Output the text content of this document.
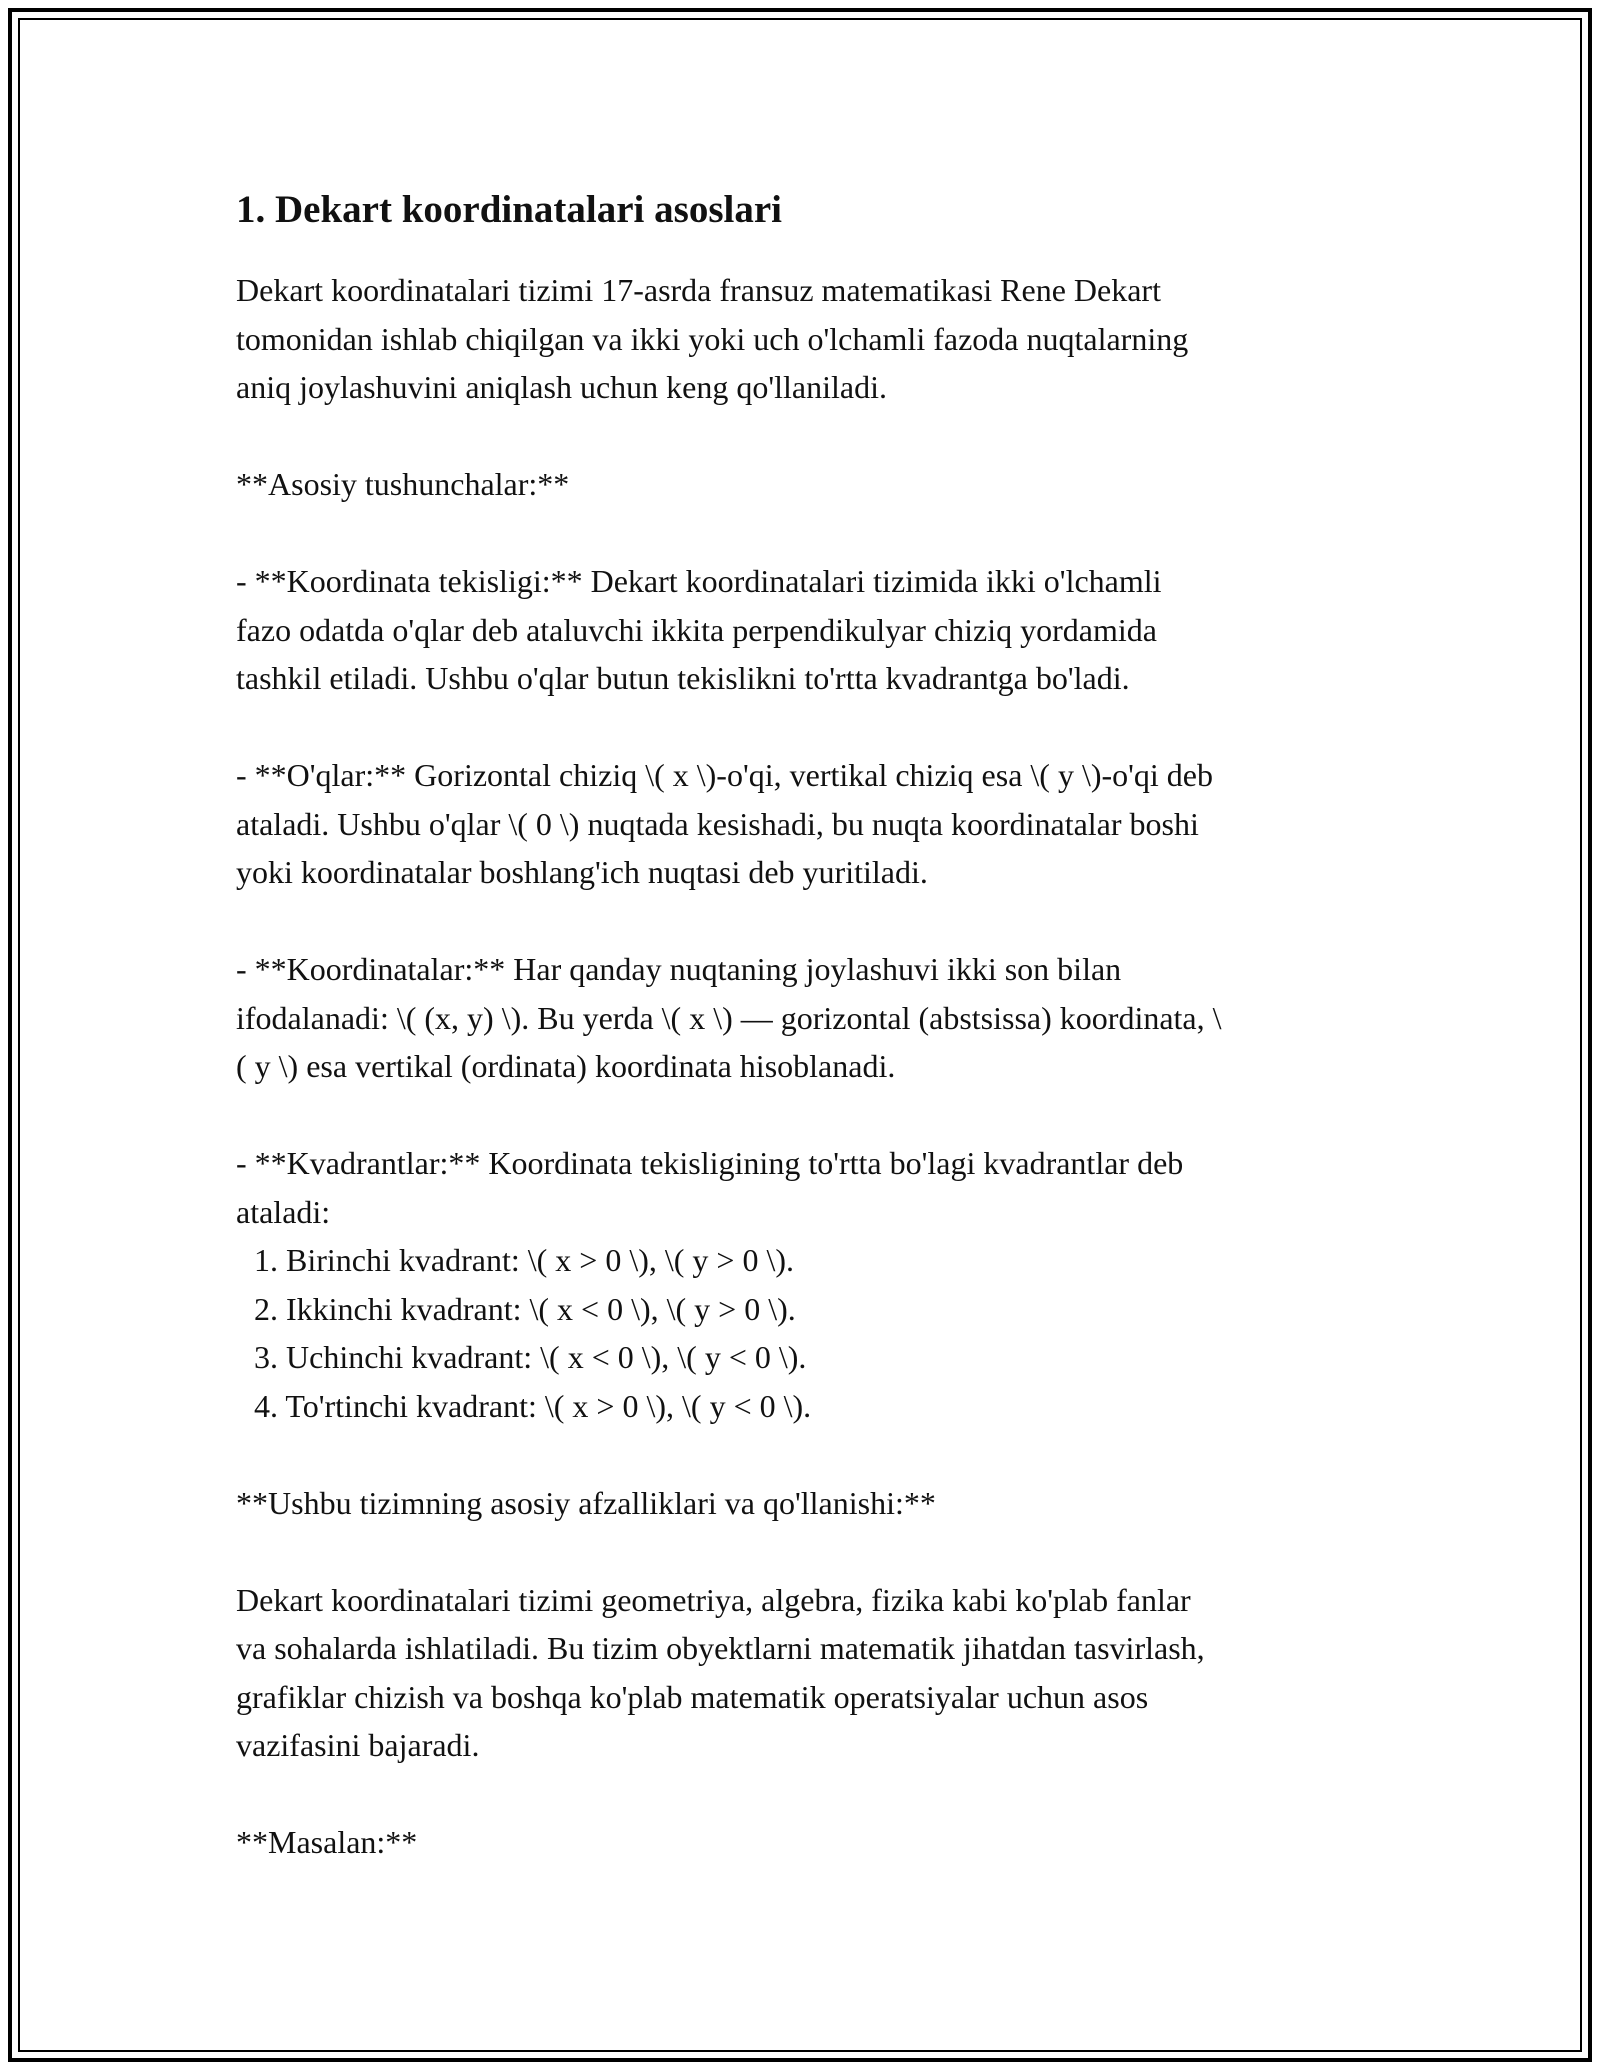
1. Dekart koordinatalari asoslari

Dekart koordinatalari tizimi 17-asrda fransuz matematikasi Rene Dekart

tomonidan ishlab chiqilgan va ikki yoki uch o'lchamli fazoda nuqtalarning

aniq joylashuvini aniqlash uchun keng qo'llaniladi.

**Asosiy tushunchalar:**

- **Koordinata tekisligi:** Dekart koordinatalari tizimida ikki o'lchamli

fazo odatda o'qlar deb ataluvchi ikkita perpendikulyar chiziq yordamida

tashkil etiladi. Ushbu o'qlar butun tekislikni to'rtta kvadrantga bo'ladi.

- **O'qlar:** Gorizontal chiziq \( x \)-o'qi, vertikal chiziq esa \( y \)-o'qi deb

ataladi. Ushbu o'qlar \( 0 \) nuqtada kesishadi, bu nuqta koordinatalar boshi

yoki koordinatalar boshlang'ich nuqtasi deb yuritiladi.

- **Koordinatalar:** Har qanday nuqtaning joylashuvi ikki son bilan

ifodalanadi: \( (x, y) \). Bu yerda \( x \) — gorizontal (abstsissa) koordinata, \

( y \) esa vertikal (ordinata) koordinata hisoblanadi.

- **Kvadrantlar:** Koordinata tekisligining to'rtta bo'lagi kvadrantlar deb

ataladi:

1. Birinchi kvadrant: \( x > 0 \), \( y > 0 \).

2. Ikkinchi kvadrant: \( x < 0 \), \( y > 0 \).

3. Uchinchi kvadrant: \( x < 0 \), \( y < 0 \).

4. To'rtinchi kvadrant: \( x > 0 \), \( y < 0 \).

**Ushbu tizimning asosiy afzalliklari va qo'llanishi:**

Dekart koordinatalari tizimi geometriya, algebra, fizika kabi ko'plab fanlar

va sohalarda ishlatiladi. Bu tizim obyektlarni matematik jihatdan tasvirlash,

grafiklar chizish va boshqa ko'plab matematik operatsiyalar uchun asos

vazifasini bajaradi.

**Masalan:**
